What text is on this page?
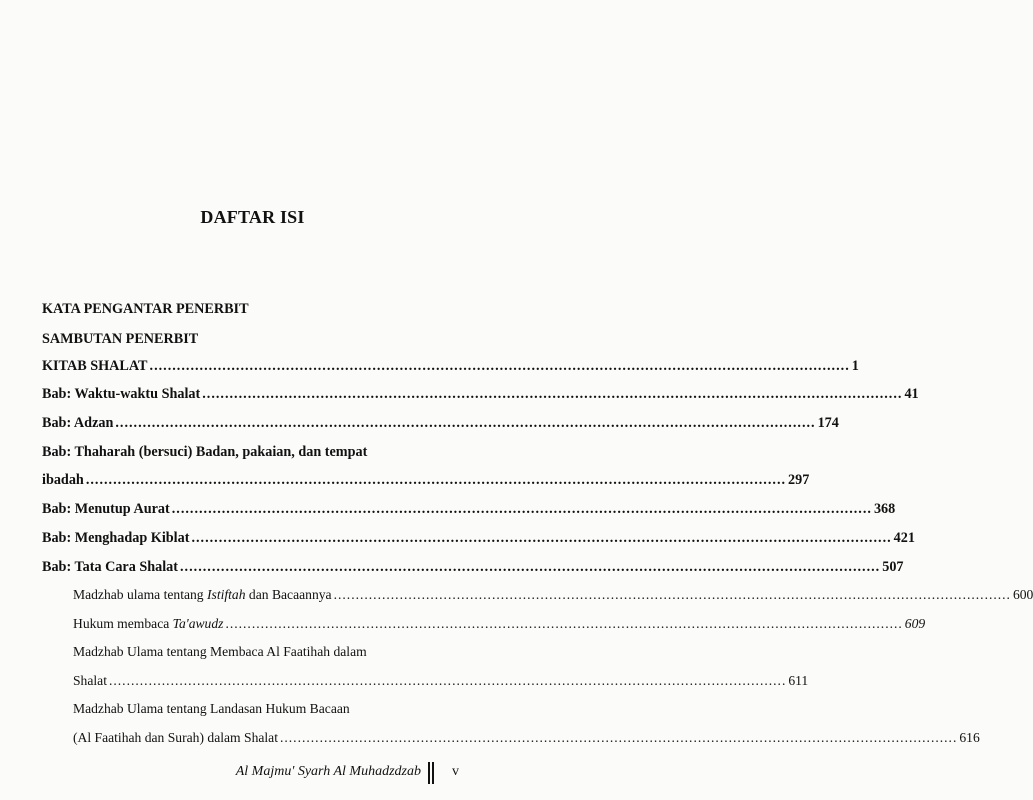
DAFTAR ISI
KATA PENGANTAR PENERBIT
SAMBUTAN PENERBIT
KITAB SHALAT .......................................................................................................................................................... 1
Bab: Waktu-waktu Shalat .......................................................................................................................................................... 41
Bab: Adzan .......................................................................................................................................................... 174
Bab: Thaharah (bersuci) Badan, pakaian, dan tempat
ibadah .......................................................................................................................................................... 297
Bab: Menutup Aurat .......................................................................................................................................................... 368
Bab: Menghadap Kiblat .......................................................................................................................................................... 421
Bab: Tata Cara Shalat .......................................................................................................................................................... 507
Madzhab ulama tentang Istiftah dan Bacaannya .......................................................................................................................................................... 600
Hukum membaca Ta'awudz .......................................................................................................................................................... 609
Madzhab Ulama tentang Membaca Al Faatihah dalam
Shalat .......................................................................................................................................................... 611
Madzhab Ulama tentang Landasan Hukum Bacaan
(Al Faatihah dan Surah) dalam Shalat .......................................................................................................................................................... 616
Al Majmu' Syarh Al Muhadzdzab v
